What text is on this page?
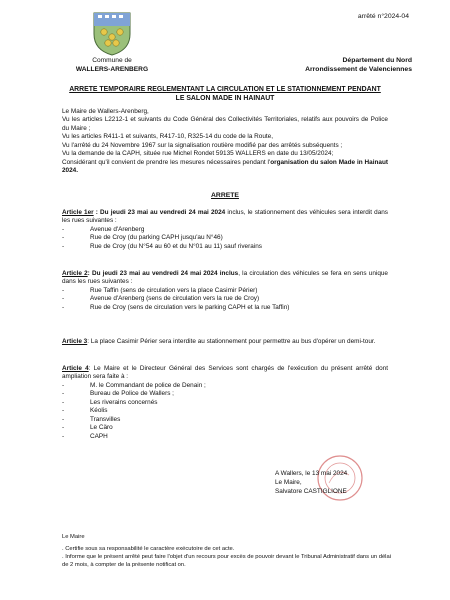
arrêté n°2024-04
Commune de
WALLERS-ARENBERG
Département du Nord
Arrondissement de Valenciennes
ARRETE TEMPORAIRE REGLEMENTANT LA CIRCULATION ET LE STATIONNEMENT PENDANT
LE SALON MADE IN HAINAUT

Le Maire de Wallers-Arenberg,

Vu les articles L2212-1 et suivants du Code Général des Collectivités Territoriales, relatifs aux pouvoirs de Police du Maire ;

Vu les articles R411-1 et suivants, R417-10, R325-14 du code de la Route,

Vu l'arrêté du 24 Novembre 1967 sur la signalisation routière modifié par des arrêtés subséquents ;

Vu la demande de la CAPH, située rue Michel Rondet 59135 WALLERS en date du 13/05/2024;

Considérant qu'il convient de prendre les mesures nécessaires pendant l'organisation du salon Made in Hainaut 2024.

ARRETE

Article 1er : Du jeudi 23 mai au vendredi 24 mai 2024 inclus, le stationnement des véhicules sera interdit dans les rues suivantes :

- Avenue d'Arenberg
- Rue de Croy (du parking CAPH jusqu'au N°46)
- Rue de Croy (du N°54 au 60 et du N°01 au 11) sauf riverains

Article 2: Du jeudi 23 mai au vendredi 24 mai 2024 inclus, la circulation des véhicules se fera en sens unique dans les rues suivantes :

- Rue Taffin (sens de circulation vers la place Casimir Périer)
- Avenue d'Arenberg (sens de circulation vers la rue de Croy)
- Rue de Croy (sens de circulation vers le parking CAPH et la rue Taffin)

Article 3: La place Casimir Périer sera interdite au stationnement pour permettre au bus d'opérer un demi-tour.

Article 4: Le Maire et le Directeur Général des Services sont chargés de l'exécution du présent arrêté dont ampliation sera faite à :

- M. le Commandant de police de Denain ;
- Bureau de Police de Wallers ;
- Les riverains concernés
- Kéolis
- Transvilles
- Le Cäro
- CAPH
A Wallers, le 13 mai 2024
Le Maire,
Salvatore CASTIGLIONE

Le Maire

. Certifie sous sa responsabilité le caractère exécutoire de cet acte.

. Informe que le présent arrêté peut faire l'objet d'un recours pour excès de pouvoir devant le Tribunal Administratif dans un délai de 2 mois, à compter de la présente notificat on.
